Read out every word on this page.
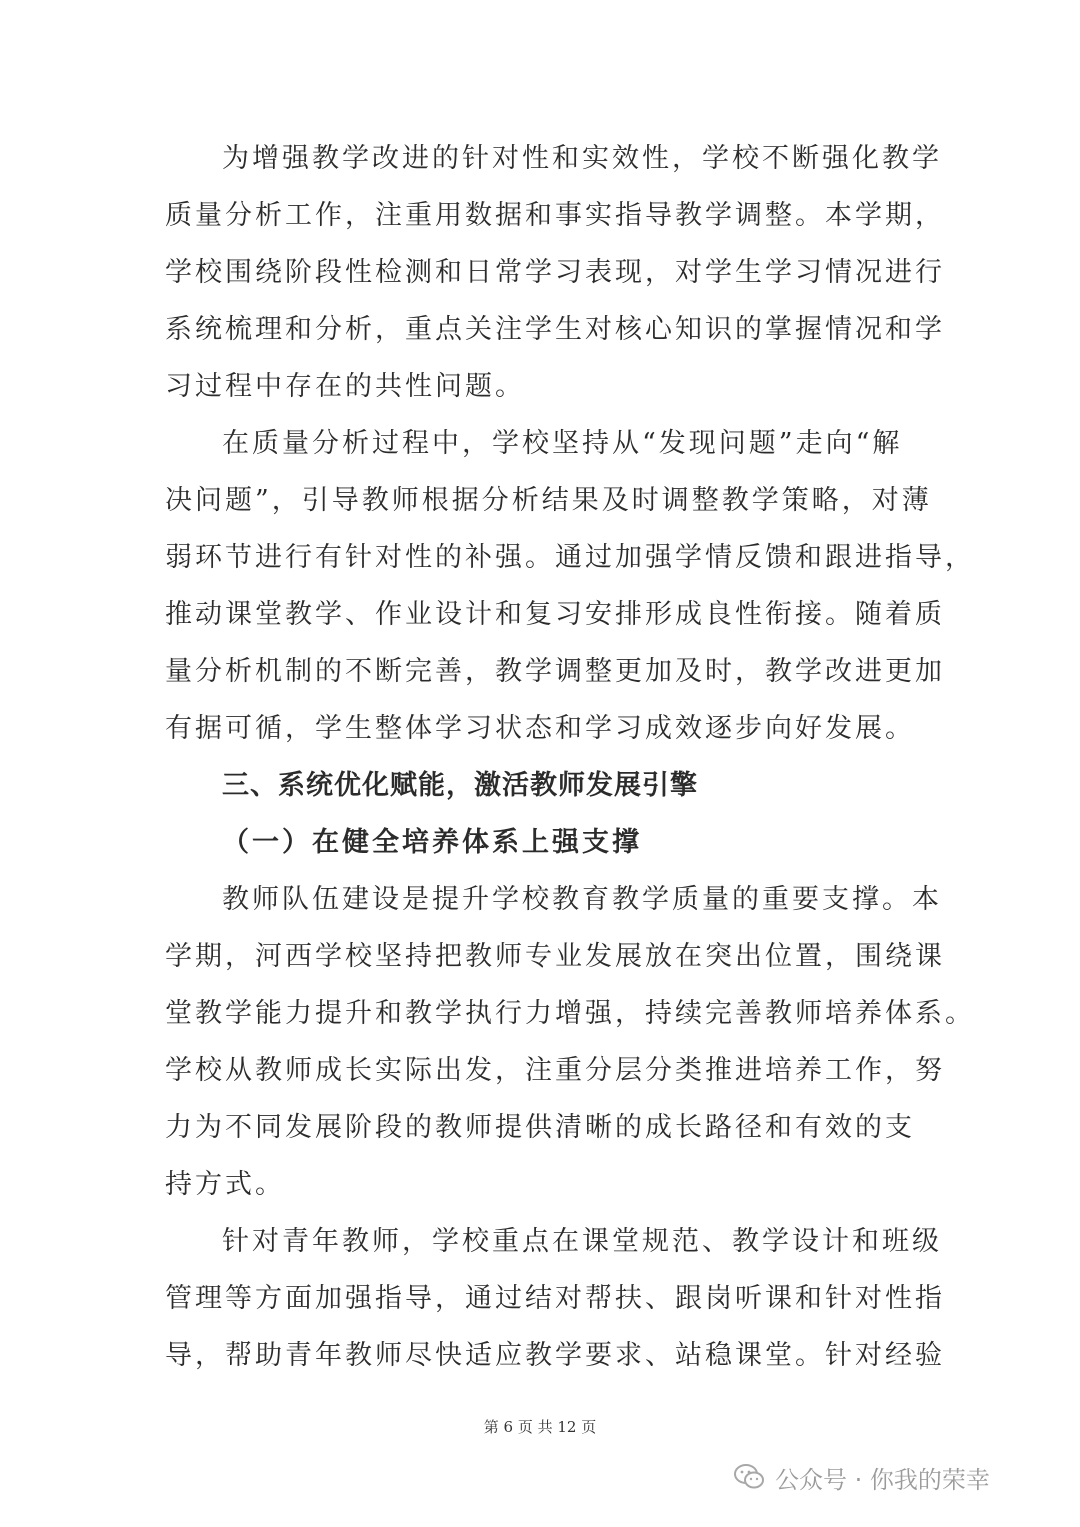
为增强教学改进的针对性和实效性，学校不断强化教学
质量分析工作，注重用数据和事实指导教学调整。本学期，
学校围绕阶段性检测和日常学习表现，对学生学习情况进行
系统梳理和分析，重点关注学生对核心知识的掌握情况和学
习过程中存在的共性问题。
在质量分析过程中，学校坚持从“发现问题”走向“解
决问题”，引导教师根据分析结果及时调整教学策略，对薄
弱环节进行有针对性的补强。通过加强学情反馈和跟进指导，
推动课堂教学、作业设计和复习安排形成良性衔接。随着质
量分析机制的不断完善，教学调整更加及时，教学改进更加
有据可循，学生整体学习状态和学习成效逐步向好发展。
三、系统优化赋能，激活教师发展引擎
（一）在健全培养体系上强支撑
教师队伍建设是提升学校教育教学质量的重要支撑。本
学期，河西学校坚持把教师专业发展放在突出位置，围绕课
堂教学能力提升和教学执行力增强，持续完善教师培养体系。
学校从教师成长实际出发，注重分层分类推进培养工作，努
力为不同发展阶段的教师提供清晰的成长路径和有效的支
持方式。
针对青年教师，学校重点在课堂规范、教学设计和班级
管理等方面加强指导，通过结对帮扶、跟岗听课和针对性指
导，帮助青年教师尽快适应教学要求、站稳课堂。针对经验
第 6 页 共 12 页
公众号 · 你我的荣幸
